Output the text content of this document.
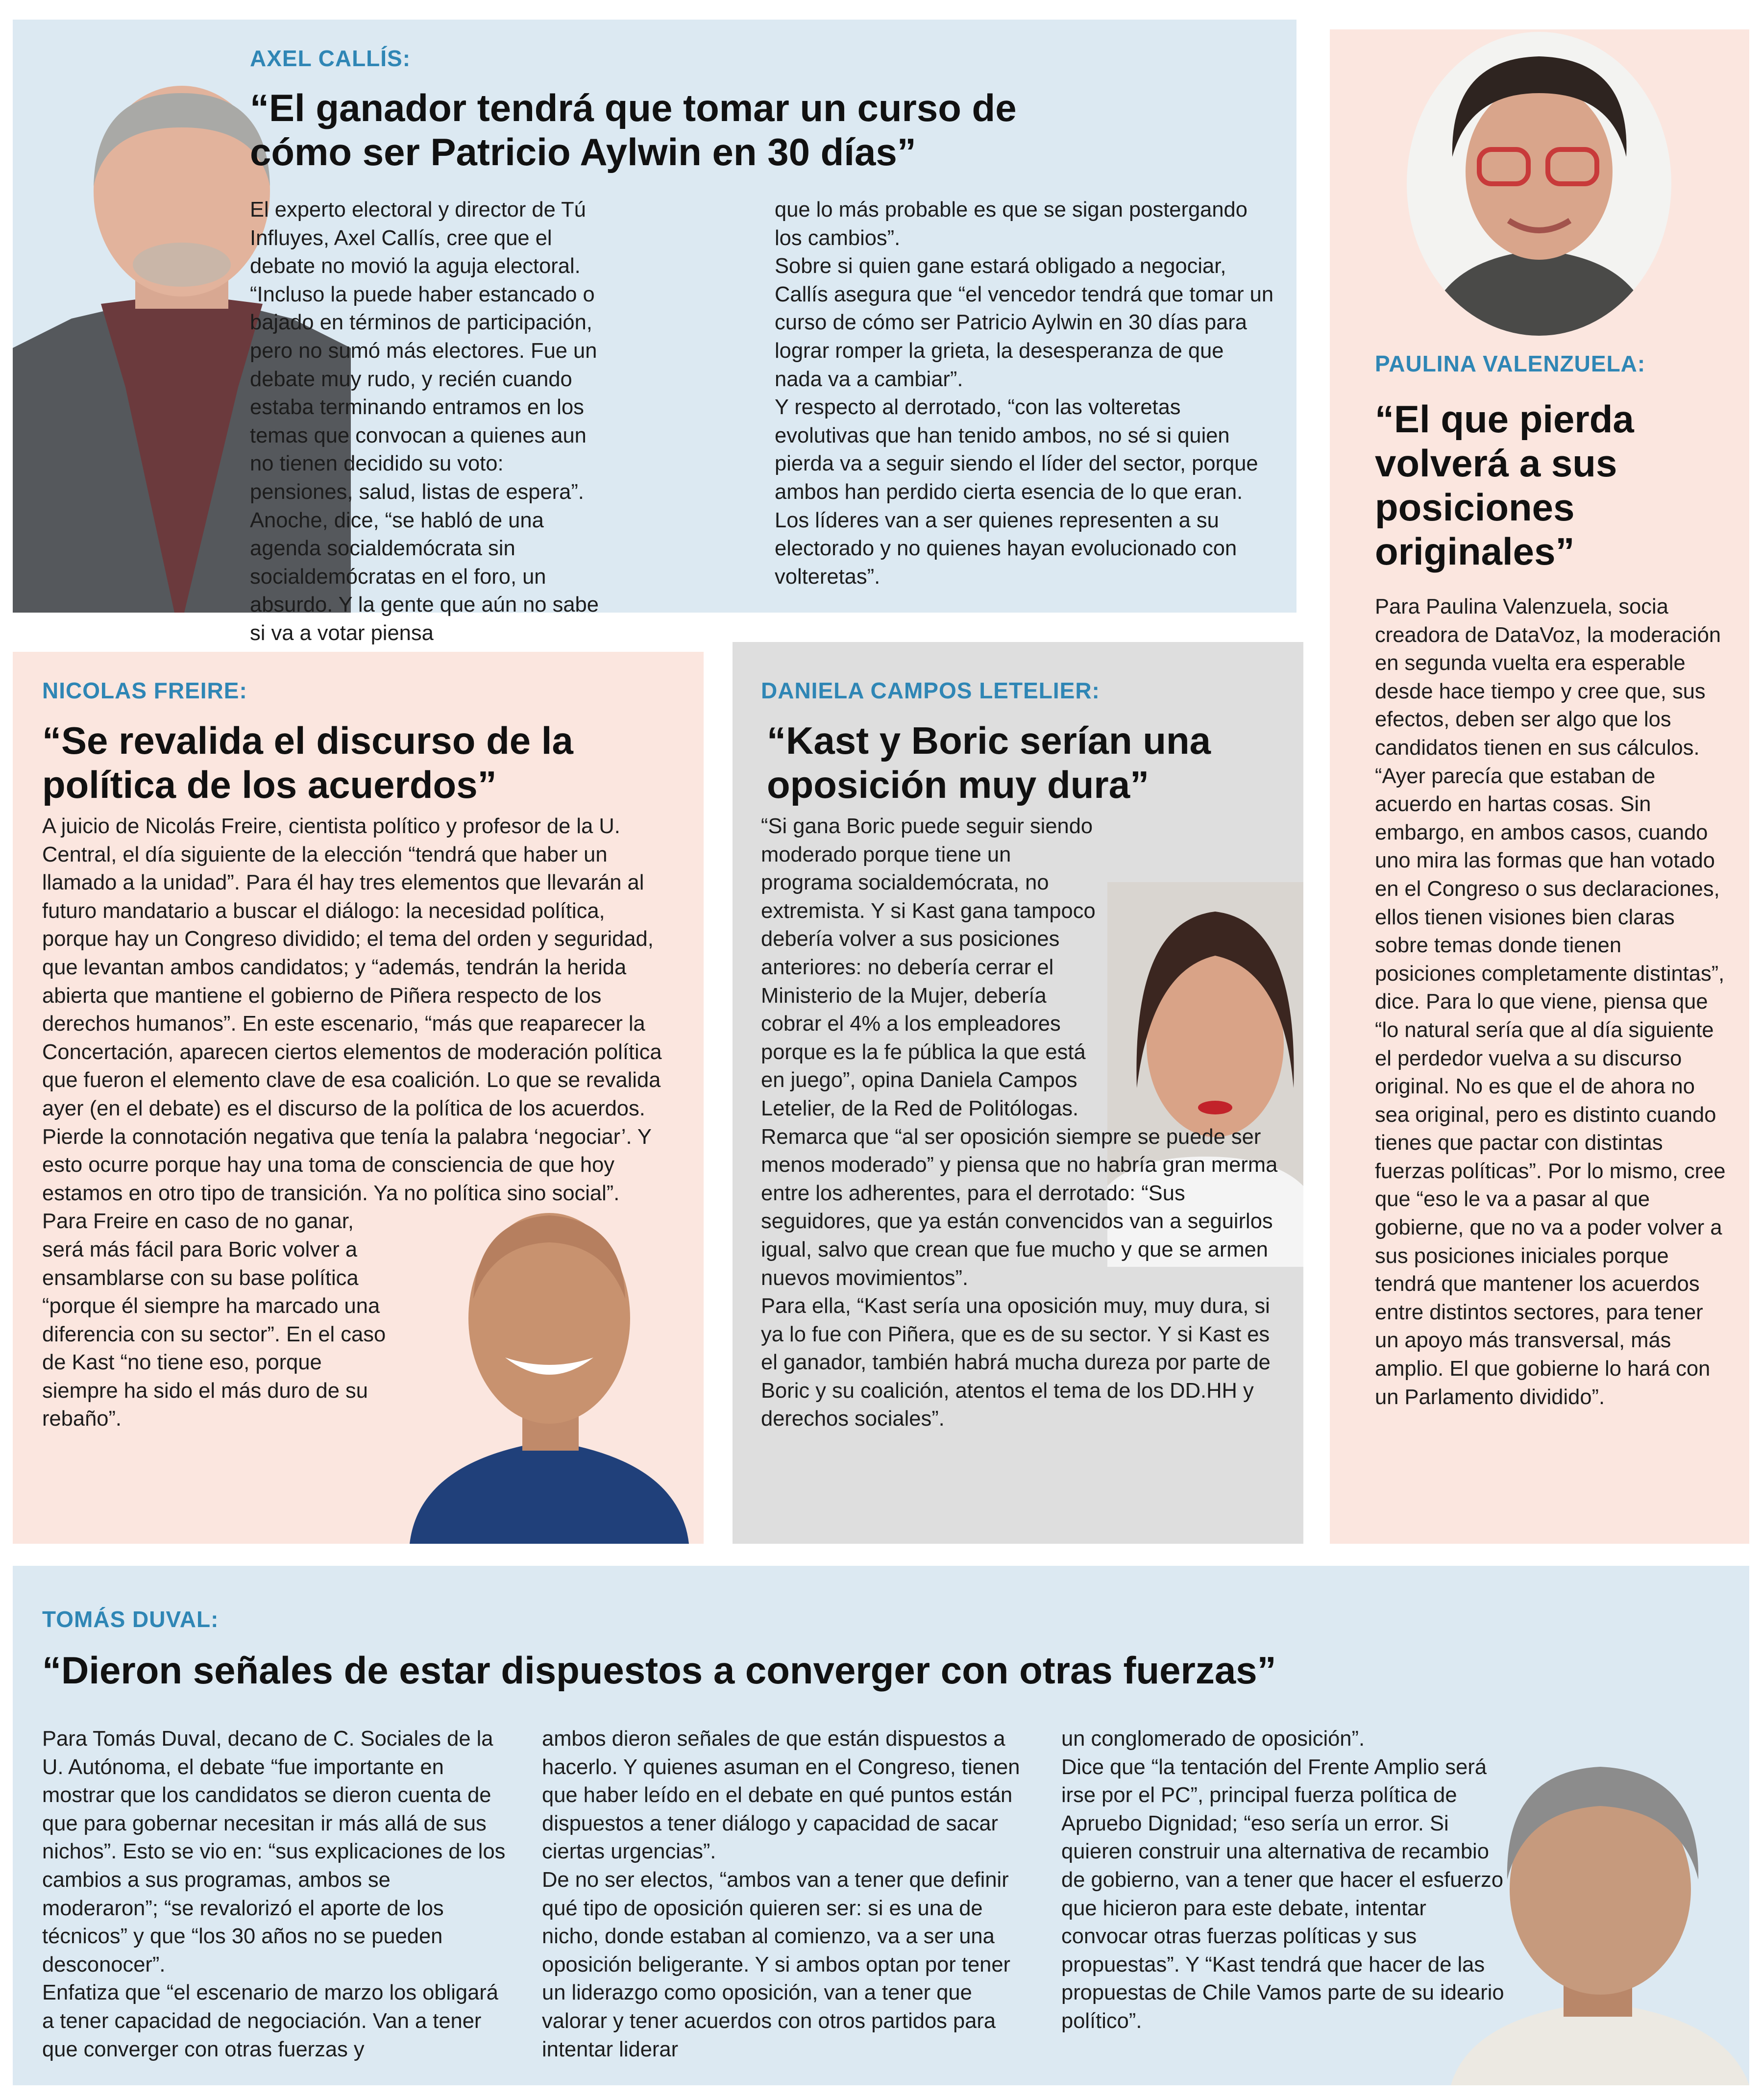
AXEL CALLÍS:
“El ganador tendrá que tomar un curso de cómo ser Patricio Aylwin en 30 días”
El experto electoral y director de Tú Influyes, Axel Callís, cree que el debate no movió la aguja electoral. “Incluso la puede haber estancado o bajado en términos de participación, pero no sumó más electores. Fue un debate muy rudo, y recién cuando estaba terminando entramos en los temas que convocan a quienes aun no tienen decidido su voto: pensiones, salud, listas de espera”. Anoche, dice, “se habló de una agenda socialdemócrata sin socialdemócratas en el foro, un absurdo. Y la gente que aún no sabe si va a votar piensa
que lo más probable es que se sigan postergando los cambios”.
Sobre si quien gane estará obligado a negociar, Callís asegura que “el vencedor tendrá que tomar un curso de cómo ser Patricio Aylwin en 30 días para lograr romper la grieta, la desesperanza de que nada va a cambiar”.
Y respecto al derrotado, “con las volteretas evolutivas que han tenido ambos, no sé si quien pierda va a seguir siendo el líder del sector, porque ambos han perdido cierta esencia de lo que eran. Los líderes van a ser quienes representen a su electorado y no quienes hayan evolucionado con volteretas”.
PAULINA VALENZUELA:
“El que pierda volverá a sus posiciones originales”
Para Paulina Valenzuela, socia creadora de DataVoz, la moderación en segunda vuelta era esperable desde hace tiempo y cree que, sus efectos, deben ser algo que los candidatos tienen en sus cálculos. “Ayer parecía que estaban de acuerdo en hartas cosas. Sin embargo, en ambos casos, cuando uno mira las formas que han votado en el Congreso o sus declaraciones, ellos tienen visiones bien claras sobre temas donde tienen posiciones completamente distintas”, dice. Para lo que viene, piensa que “lo natural sería que al día siguiente el perdedor vuelva a su discurso original. No es que el de ahora no sea original, pero es distinto cuando tienes que pactar con distintas fuerzas políticas”. Por lo mismo, cree que “eso le va a pasar al que gobierne, que no va a poder volver a sus posiciones iniciales porque tendrá que mantener los acuerdos entre distintos sectores, para tener un apoyo más transversal, más amplio. El que gobierne lo hará con un Parlamento dividido”.
NICOLAS FREIRE:
“Se revalida el discurso de la política de los acuerdos”
A juicio de Nicolás Freire, cientista político y profesor de la U. Central, el día siguiente de la elección “tendrá que haber un llamado a la unidad”. Para él hay tres elementos que llevarán al futuro mandatario a buscar el diálogo: la necesidad política, porque hay un Congreso dividido; el tema del orden y seguridad, que levantan ambos candidatos; y “además, tendrán la herida abierta que mantiene el gobierno de Piñera respecto de los derechos humanos”. En este escenario, “más que reaparecer la Concertación, aparecen ciertos elementos de moderación política que fueron el elemento clave de esa coalición. Lo que se revalida ayer (en el debate) es el discurso de la política de los acuerdos. Pierde la connotación negativa que tenía la palabra ‘negociar’. Y esto ocurre porque hay una toma de consciencia de que hoy estamos en otro tipo de transición. Ya no política sino social”.
Para Freire en caso de no ganar, será más fácil para Boric volver a ensamblarse con su base política “porque él siempre ha marcado una diferencia con su sector”. En el caso de Kast “no tiene eso, porque siempre ha sido el más duro de su rebaño”.
DANIELA CAMPOS LETELIER:
“Kast y Boric serían una oposición muy dura”
“Si gana Boric puede seguir siendo moderado porque tiene un programa socialdemócrata, no extremista. Y si Kast gana tampoco debería volver a sus posiciones anteriores: no debería cerrar el Ministerio de la Mujer, debería cobrar el 4% a los empleadores porque es la fe pública la que está en juego”, opina Daniela Campos Letelier, de la Red de Politólogas.
Remarca que “al ser oposición siempre se puede ser menos moderado” y piensa que no habría gran merma entre los adherentes, para el derrotado: “Sus seguidores, que ya están convencidos van a seguirlos igual, salvo que crean que fue mucho y que se armen nuevos movimientos”.
Para ella, “Kast sería una oposición muy, muy dura, si ya lo fue con Piñera, que es de su sector. Y si Kast es el ganador, también habrá mucha dureza por parte de Boric y su coalición, atentos el tema de los DD.HH y derechos sociales”.
TOMÁS DUVAL:
“Dieron señales de estar dispuestos a converger con otras fuerzas”
Para Tomás Duval, decano de C. Sociales de la U. Autónoma, el debate “fue importante en mostrar que los candidatos se dieron cuenta de que para gobernar necesitan ir más allá de sus nichos”. Esto se vio en: “sus explicaciones de los cambios a sus programas, ambos se moderaron”; “se revalorizó el aporte de los técnicos” y que “los 30 años no se pueden desconocer”.
Enfatiza que “el escenario de marzo los obligará a tener capacidad de negociación. Van a tener que converger con otras fuerzas y
ambos dieron señales de que están dispuestos a hacerlo. Y quienes asuman en el Congreso, tienen que haber leído en el debate en qué puntos están dispuestos a tener diálogo y capacidad de sacar ciertas urgencias”.
De no ser electos, “ambos van a tener que definir qué tipo de oposición quieren ser: si es una de nicho, donde estaban al comienzo, va a ser una oposición beligerante. Y si ambos optan por tener un liderazgo como oposición, van a tener que valorar y tener acuerdos con otros partidos para intentar liderar
un conglomerado de oposición”.
Dice que “la tentación del Frente Amplio será irse por el PC”, principal fuerza política de Apruebo Dignidad; “eso sería un error. Si quieren construir una alternativa de recambio de gobierno, van a tener que hacer el esfuerzo que hicieron para este debate, intentar convocar otras fuerzas políticas y sus propuestas”. Y “Kast tendrá que hacer de las propuestas de Chile Vamos parte de su ideario político”.
